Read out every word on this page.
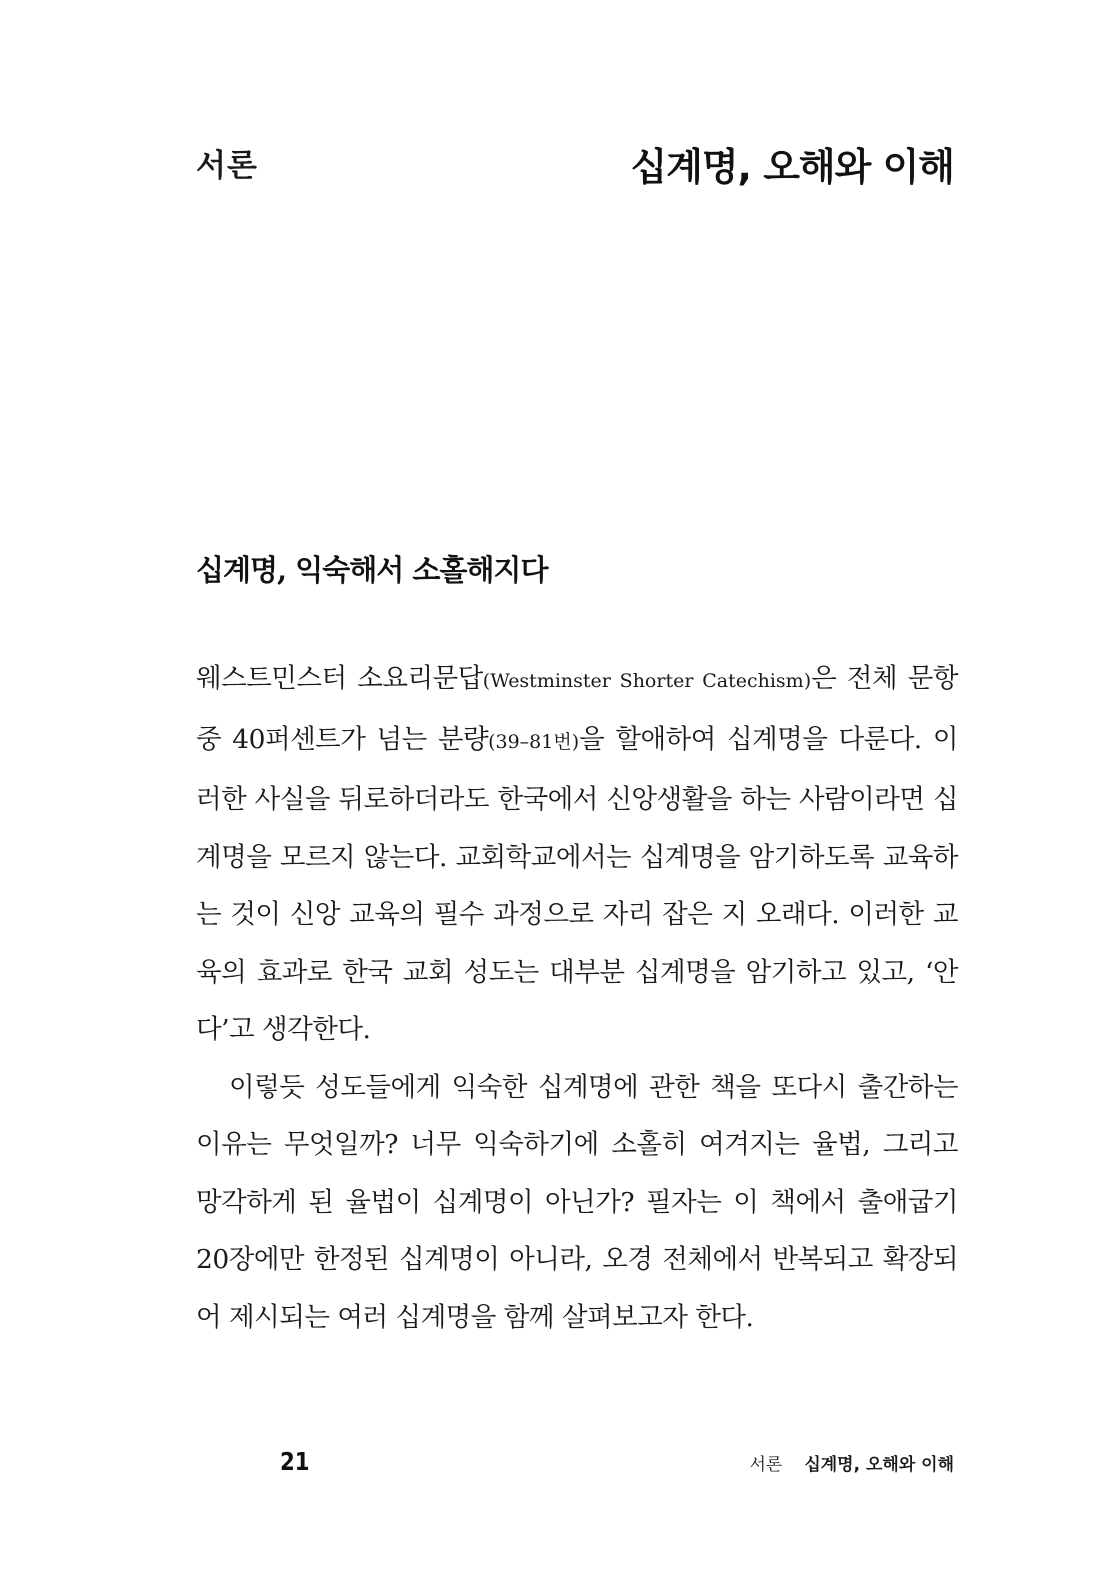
서론	십계명, 오해와 이해
십계명, 익숙해서 소홀해지다

웨스트민스터 소요리문답(Westminster Shorter Catechism)은 전체 문항 중 40퍼센트가 넘는 분량(39–81번)을 할애하여 십계명을 다룬다. 이러한 사실을 뒤로하더라도 한국에서 신앙생활을 하는 사람이라면 십계명을 모르지 않는다. 교회학교에서는 십계명을 암기하도록 교육하는 것이 신앙 교육의 필수 과정으로 자리 잡은 지 오래다. 이러한 교육의 효과로 한국 교회 성도는 대부분 십계명을 암기하고 있고, ‘안다’고 생각한다.

이렇듯 성도들에게 익숙한 십계명에 관한 책을 또다시 출간하는 이유는 무엇일까? 너무 익숙하기에 소홀히 여겨지는 율법, 그리고 망각하게 된 율법이 십계명이 아닌가? 필자는 이 책에서 출애굽기 20장에만 한정된 십계명이 아니라, 오경 전체에서 반복되고 확장되어 제시되는 여러 십계명을 함께 살펴보고자 한다.

21	서론 십계명, 오해와 이해
